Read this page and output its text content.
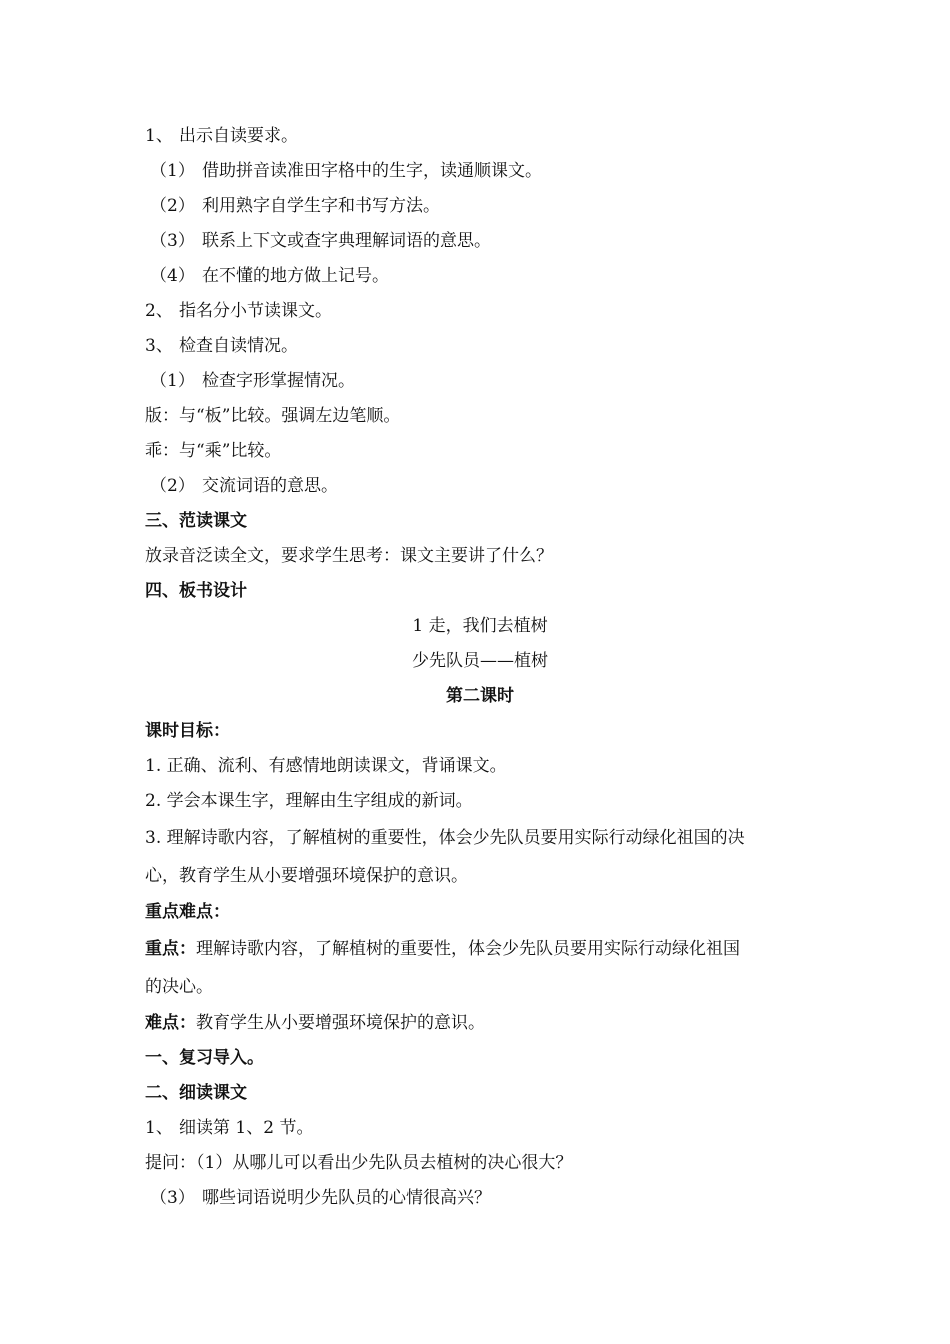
1、 出示自读要求。
（1） 借助拼音读准田字格中的生字，读通顺课文。
（2） 利用熟字自学生字和书写方法。
（3） 联系上下文或查字典理解词语的意思。
（4） 在不懂的地方做上记号。
2、 指名分小节读课文。
3、 检查自读情况。
（1） 检查字形掌握情况。
版：与“板”比较。强调左边笔顺。
乖：与“乘”比较。
（2） 交流词语的意思。
三、范读课文
放录音泛读全文，要求学生思考：课文主要讲了什么？
四、板书设计
1 走，我们去植树
少先队员——植树
第二课时
课时目标：
1. 正确、流利、有感情地朗读课文，背诵课文。
2. 学会本课生字，理解由生字组成的新词。
3. 理解诗歌内容，了解植树的重要性，体会少先队员要用实际行动绿化祖国的决
心，教育学生从小要增强环境保护的意识。
重点难点：
重点：理解诗歌内容，了解植树的重要性，体会少先队员要用实际行动绿化祖国
的决心。
难点：教育学生从小要增强环境保护的意识。
一、复习导入。
二、细读课文
1、 细读第 1、2 节。
提问：（1）从哪儿可以看出少先队员去植树的决心很大？
（3） 哪些词语说明少先队员的心情很高兴？
